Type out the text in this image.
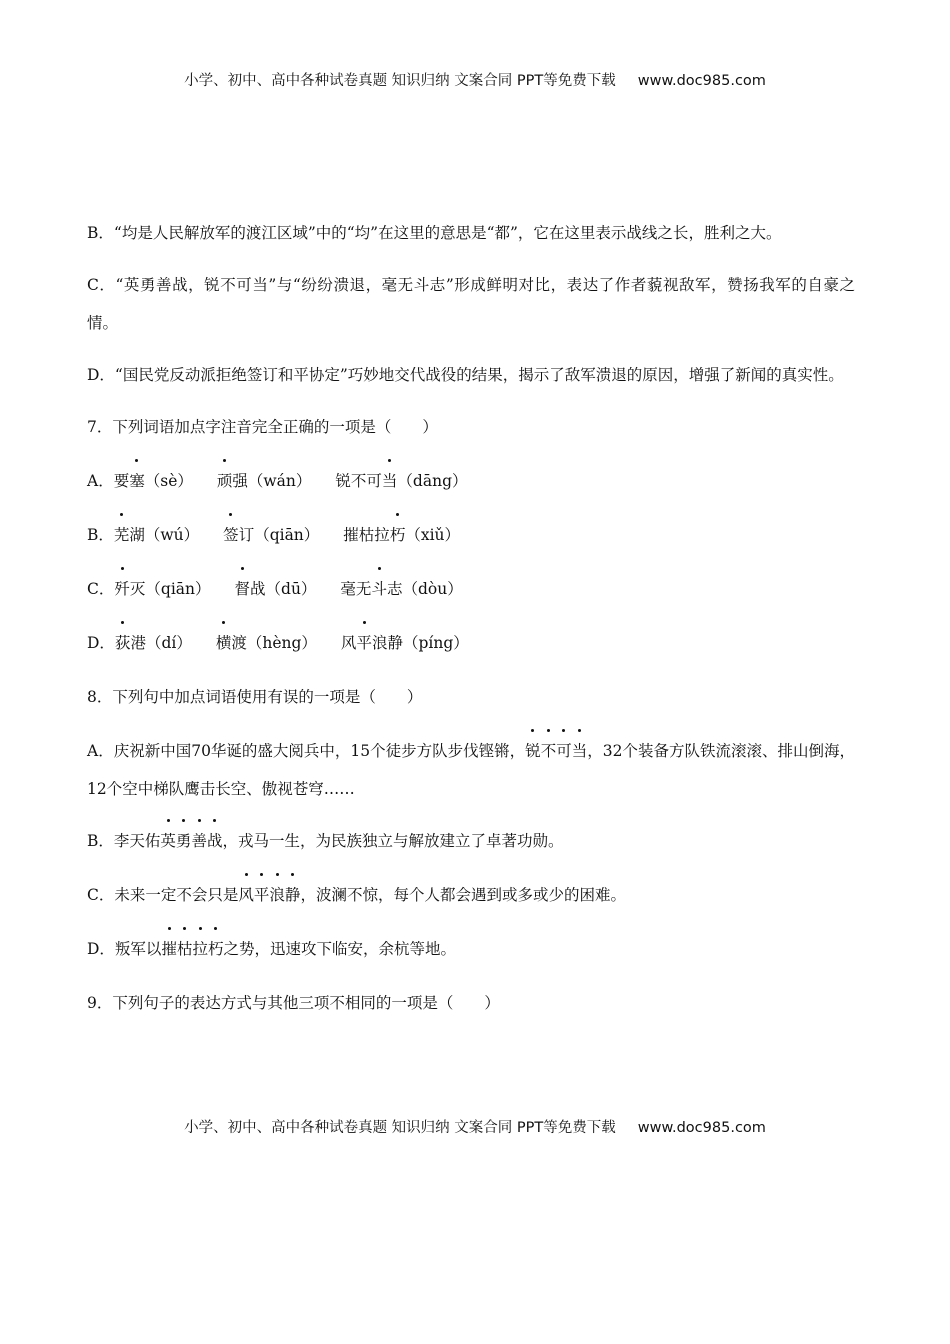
小学、初中、高中各种试卷真题 知识归纳 文案合同 PPT等免费下载 www.doc985.com

B．“均是人民解放军的渡江区域”中的“均”在这里的意思是“都”，它在这里表示战线之长，胜利之大。

C．“英勇善战，锐不可当”与“纷纷溃退，毫无斗志”形成鲜明对比，表达了作者藐视敌军，赞扬我军的自豪之情。

D．“国民党反动派拒绝签订和平协定”巧妙地交代战役的结果，揭示了敌军溃退的原因，增强了新闻的真实性。

7．下列词语加点字注音完全正确的一项是（　　）

A．要塞（sè） 顽强（wán） 锐不可当（dāng）

B．芜湖（wú） 签订（qiān） 摧枯拉朽（xiǔ）

C．歼灭（qiān） 督战（dū） 毫无斗志（dòu）

D．荻港（dí） 横渡（hèng） 风平浪静（píng）

8．下列句中加点词语使用有误的一项是（　　）

A．庆祝新中国70华诞的盛大阅兵中，15个徒步方队步伐铿锵，锐不可当，32个装备方队铁流滚滚、排山倒海，12个空中梯队鹰击长空、傲视苍穹……

B．李天佑英勇善战，戎马一生，为民族独立与解放建立了卓著功勋。

C．未来一定不会只是风平浪静，波澜不惊，每个人都会遇到或多或少的困难。

D．叛军以摧枯拉朽之势，迅速攻下临安，余杭等地。

9．下列句子的表达方式与其他三项不相同的一项是（　　）

小学、初中、高中各种试卷真题 知识归纳 文案合同 PPT等免费下载 www.doc985.com
